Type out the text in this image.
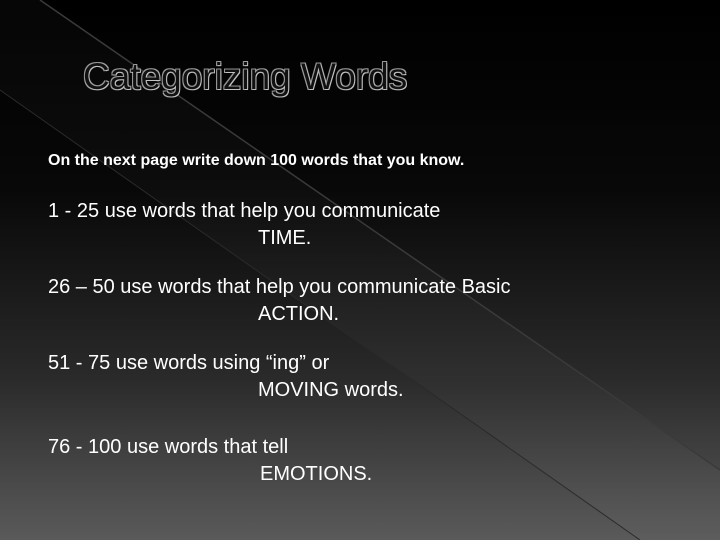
Categorizing Words

On the next page write down 100 words that you know.

1 - 25 use words that help you communicate
TIME.

26 – 50 use words that help you communicate Basic
ACTION.

51 - 75 use words using “ing” or
MOVING words.

76 - 100 use words that tell
EMOTIONS.
